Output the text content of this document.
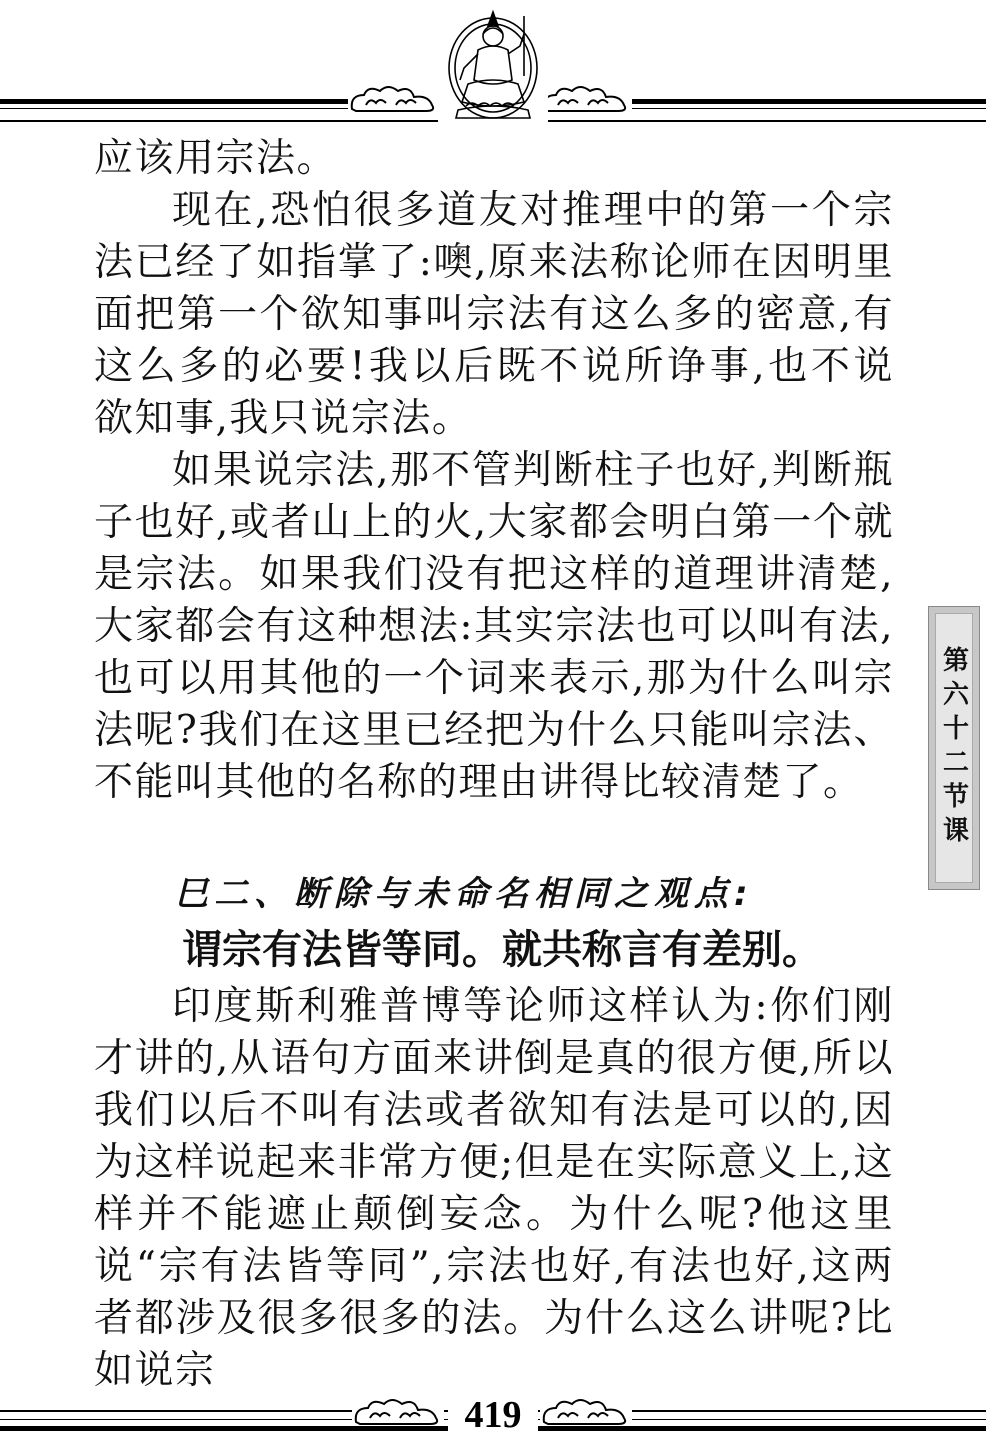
应该用宗法。

现在,恐怕很多道友对推理中的第一个宗法已经了如指掌了:噢,原来法称论师在因明里面把第一个欲知事叫宗法有这么多的密意,有这么多的必要!我以后既不说所诤事,也不说欲知事,我只说宗法。

如果说宗法,那不管判断柱子也好,判断瓶子也好,或者山上的火,大家都会明白第一个就是宗法。如果我们没有把这样的道理讲清楚,大家都会有这种想法:其实宗法也可以叫有法,也可以用其他的一个词来表示,那为什么叫宗法呢?我们在这里已经把为什么只能叫宗法、不能叫其他的名称的理由讲得比较清楚了。

巳二、断除与未命名相同之观点:
谓宗有法皆等同。就共称言有差别。

印度斯利雅普博等论师这样认为:你们刚才讲的,从语句方面来讲倒是真的很方便,所以我们以后不叫有法或者欲知有法是可以的,因为这样说起来非常方便;但是在实际意义上,这样并不能遮止颠倒妄念。为什么呢?他这里说“宗有法皆等同”,宗法也好,有法也好,这两者都涉及很多很多的法。为什么这么讲呢?比如说宗

第六十二节课
419
